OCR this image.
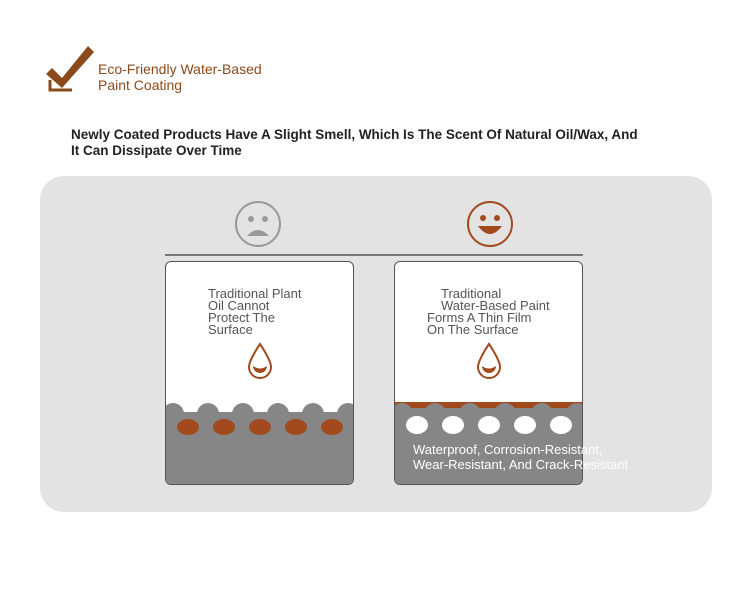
Eco-Friendly Water-Based
Paint Coating
Newly Coated Products Have A Slight Smell, Which Is The Scent Of Natural Oil/Wax, And
It Can Dissipate Over Time
Traditional Plant
Oil Cannot
Protect The
Surface
Traditional
Water-Based Paint
Forms A Thin Film
On The Surface
Waterproof, Corrosion-Resistant,
Wear-Resistant, And Crack-Resistant
